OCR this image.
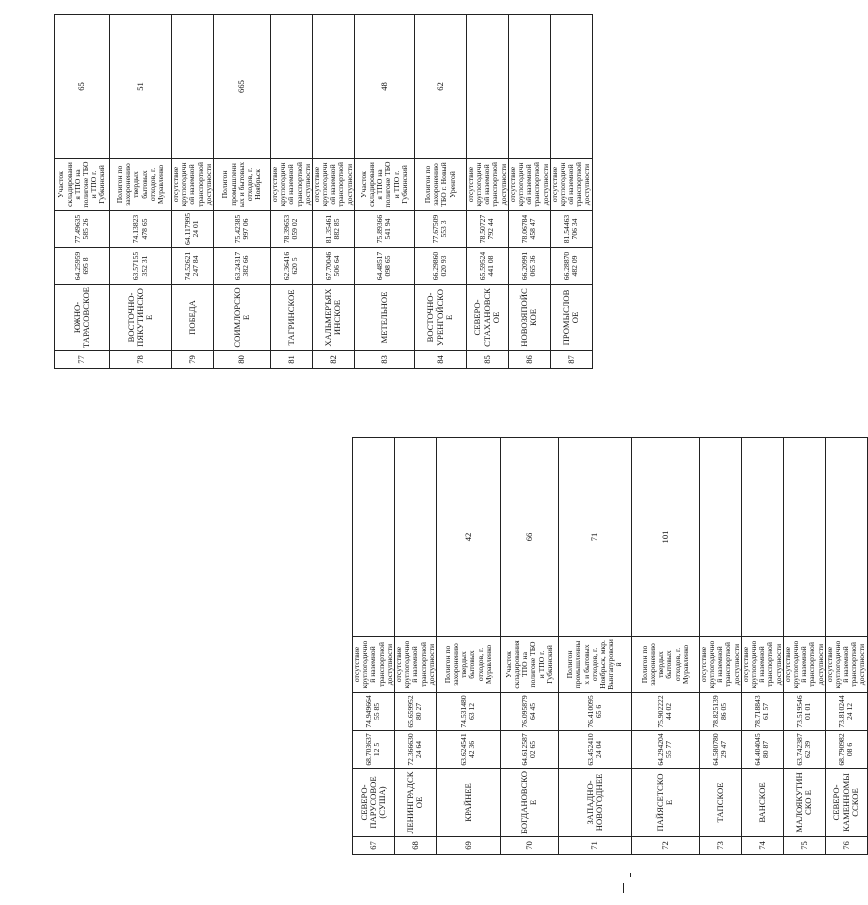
67	СЕВЕРО-ПАРУСОВОЕ (СУША)	68.70363712 5	74.94966455 85	отсутствие круглогодичной наземной транспортной доступности	
68	ЛЕНИНГРАДСКОЕ	72.36663024 64	65.65995280 27	отсутствие круглогодичной наземной транспортной доступности	
69	КРАЙНЕЕ	63.62454142 36	74.53148063 12	Полигон по захоронению твердых бытовых отходов, г. Муравленко	42
70	БОГДАНОВСКОЕ	64.61258702 65	76.09587964 45	Участок складирования ТПО на полигоне ТБО и ТПО г. Губкинский	66
71	ЗАПАДНО-НОВОГОДНЕЕ	63.45241024 04	76.41009565 6	Полигон промышленных и бытовых отходов, г. Ноябрьск, мкр. Вынгапуровски й	71
72	ПАЙЯСЕТСКОЕ	64.29420455 77	75.90222244 02	Полигон по захоронению твердых бытовых отходов, г. Муравленко	101
73	ТАПСКОЕ	64.58078029 47	78.82513986 05	отсутствие круглогодичной наземной транспортной доступности	
74	ВАНСКОЕ	64.40404580 87	78.71884361 57	отсутствие круглогодичной наземной транспортной доступности	
75	МАЛОЯКУТИНСКО Е	63.74238762 39	73.51954601 01	отсутствие круглогодичной наземной транспортной доступности	
76	СЕВЕРО-КАМЕННОМЫССКОЕ	68.79098208 6	73.81024424 12	отсутствие круглогодичной наземной транспортной доступности	
77	ЮЖНО-ТАРАСОВСКОЕ	64.25959695 8	77.49635585 26	Участок складирования ТПО на полигоне ТБО и ТПО г. Губкинский	65
78	ВОСТОЧНО-ПЯКУТИНСКОЕ	63.57155352 31	74.13823478 65	Полигон по захоронению твердых бытовых отходов, г. Муравленко	51
79	ПОБЕДА	74.52621247 84	64.11799524 01	отсутствие круглогодичной наземной транспортной доступности	
80	СОИМЛОРСКОЕ	63.24317382 66	75.42385997 06	Полигон промышленных и бытовых отходов, г. Ноябрьск	665
81	ТАГРИНСКОЕ	62.36416620 5	78.39653059 02	отсутствие круглогодичной наземной транспортной доступности	
82	ХАЛЬМЕРЪЯХИНСКОЕ	67.70046506 64	81.35461882 85	отсутствие круглогодичной наземной транспортной доступности	
83	МЕТЕЛЬНОЕ	64.48517098 65	75.89366541 94	Участок складирования ТПО на полигоне ТБО и ТПО г. Губкинский	48
84	ВОСТОЧНО-УРЕНГОЙСКОЕ	66.29860020 93	77.67509553 3	Полигон по захоронению ТБО г. Новый Уренгой	62
85	СЕВЕРО-СТАХАНОВСКОЕ	65.59524441 08	78.50727792 44	отсутствие круглогодичной наземной транспортной доступности	
86	НОВОЗЯПОЙСКОЕ	66.20991065 36	78.06784458 47	отсутствие круглогодичной наземной транспортной доступности	
87	ПРОМЫСЛОВОЕ	66.28870482 09	81.54463706 34	отсутствие круглогодичной наземной транспортной доступности	
